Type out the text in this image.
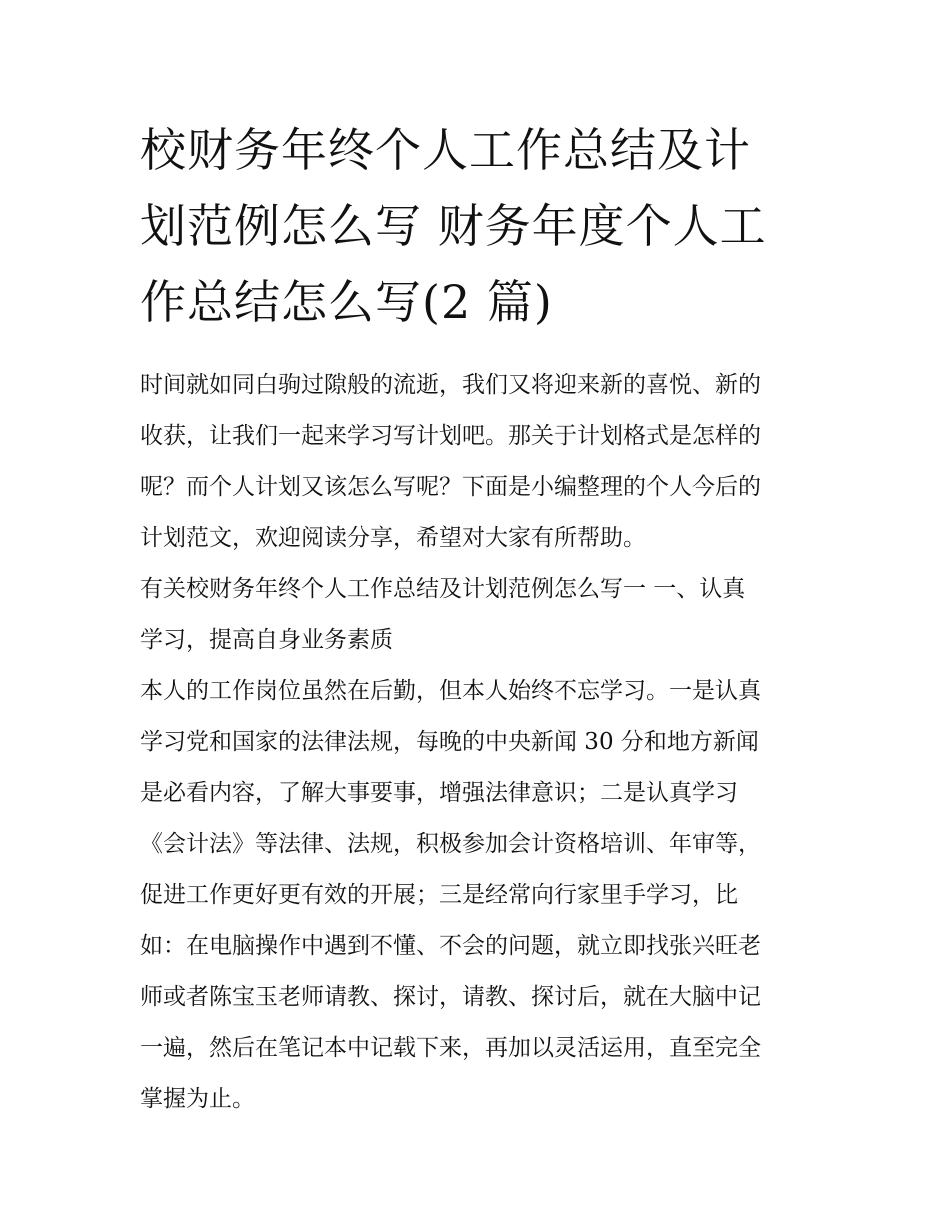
校财务年终个人工作总结及计
划范例怎么写 财务年度个人工
作总结怎么写(2 篇)

时间就如同白驹过隙般的流逝，我们又将迎来新的喜悦、新的
收获，让我们一起来学习写计划吧。那关于计划格式是怎样的
呢？而个人计划又该怎么写呢？下面是小编整理的个人今后的
计划范文，欢迎阅读分享，希望对大家有所帮助。

有关校财务年终个人工作总结及计划范例怎么写一 一、认真
学习，提高自身业务素质

本人的工作岗位虽然在后勤，但本人始终不忘学习。一是认真
学习党和国家的法律法规，每晚的中央新闻 30 分和地方新闻
是必看内容，了解大事要事，增强法律意识；二是认真学习
《会计法》等法律、法规，积极参加会计资格培训、年审等，
促进工作更好更有效的开展；三是经常向行家里手学习，比
如：在电脑操作中遇到不懂、不会的问题，就立即找张兴旺老
师或者陈宝玉老师请教、探讨，请教、探讨后，就在大脑中记
一遍，然后在笔记本中记载下来，再加以灵活运用，直至完全
掌握为止。
